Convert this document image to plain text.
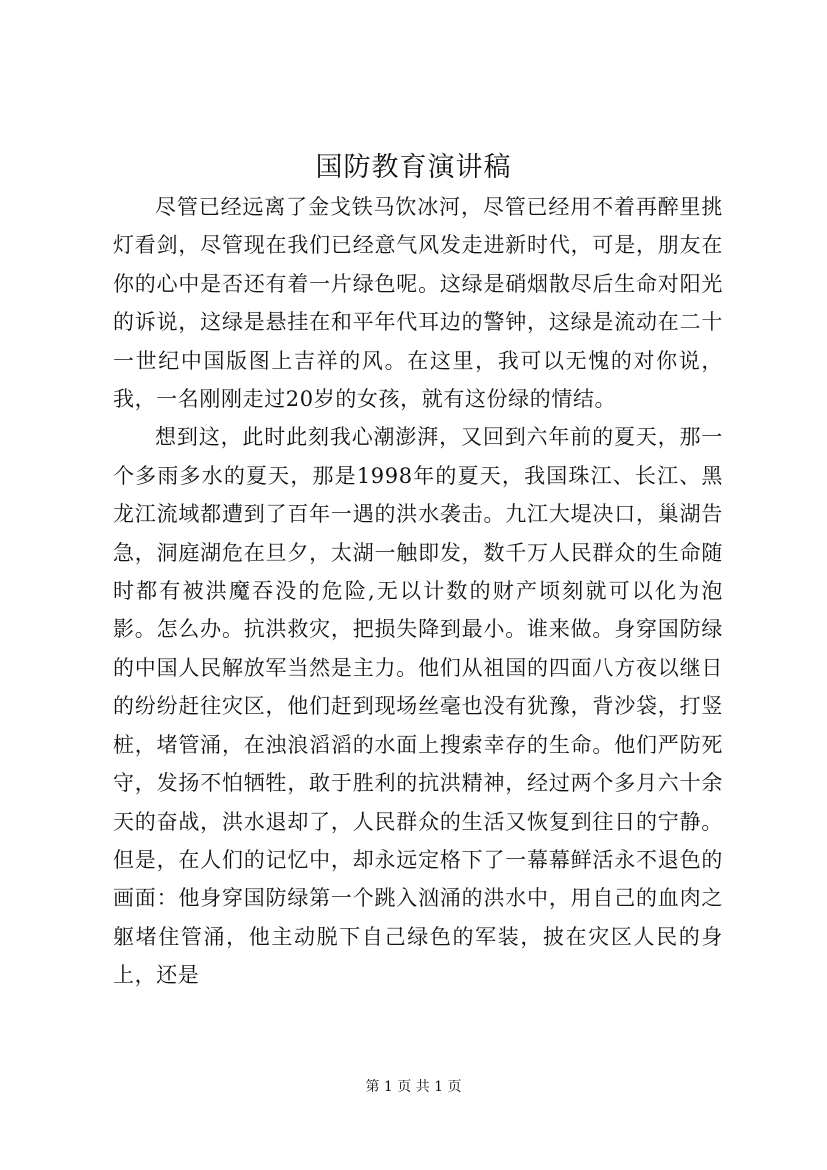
国防教育演讲稿

尽管已经远离了金戈铁马饮冰河，尽管已经用不着再醉里挑灯看剑，尽管现在我们已经意气风发走进新时代，可是，朋友在你的心中是否还有着一片绿色呢。这绿是硝烟散尽后生命对阳光的诉说，这绿是悬挂在和平年代耳边的警钟，这绿是流动在二十一世纪中国版图上吉祥的风。在这里，我可以无愧的对你说，我，一名刚刚走过20岁的女孩，就有这份绿的情结。

想到这，此时此刻我心潮澎湃，又回到六年前的夏天，那一个多雨多水的夏天，那是1998年的夏天，我国珠江、长江、黑龙江流域都遭到了百年一遇的洪水袭击。九江大堤决口，巢湖告急，洞庭湖危在旦夕，太湖一触即发，数千万人民群众的生命随时都有被洪魔吞没的危险,无以计数的财产顷刻就可以化为泡影。怎么办。抗洪救灾，把损失降到最小。谁来做。身穿国防绿的中国人民解放军当然是主力。他们从祖国的四面八方夜以继日的纷纷赶往灾区，他们赶到现场丝毫也没有犹豫，背沙袋，打竖桩，堵管涌，在浊浪滔滔的水面上搜索幸存的生命。他们严防死守，发扬不怕牺牲，敢于胜利的抗洪精神，经过两个多月六十余天的奋战，洪水退却了，人民群众的生活又恢复到往日的宁静。但是，在人们的记忆中，却永远定格下了一幕幕鲜活永不退色的画面：他身穿国防绿第一个跳入汹涌的洪水中，用自己的血肉之躯堵住管涌，他主动脱下自己绿色的军装，披在灾区人民的身上，还是

第 1 页 共 1 页
